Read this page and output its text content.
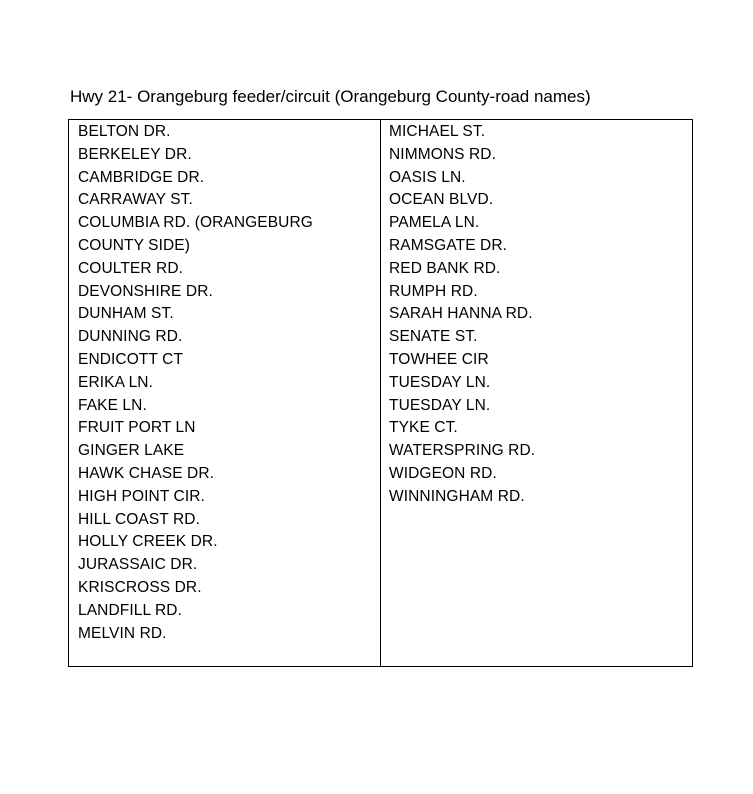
Hwy 21- Orangeburg feeder/circuit (Orangeburg County-road names)
BELTON DR.
BERKELEY DR.
CAMBRIDGE DR.
CARRAWAY ST.
COLUMBIA RD. (ORANGEBURG
COUNTY SIDE)
COULTER RD.
DEVONSHIRE DR.
DUNHAM ST.
DUNNING RD.
ENDICOTT CT
ERIKA LN.
FAKE LN.
FRUIT PORT LN
GINGER LAKE
HAWK CHASE DR.
HIGH POINT CIR.
HILL COAST RD.
HOLLY CREEK DR.
JURASSAIC DR.
KRISCROSS DR.
LANDFILL RD.
MELVIN RD.
MICHAEL ST.
NIMMONS RD.
OASIS LN.
OCEAN BLVD.
PAMELA LN.
RAMSGATE DR.
RED BANK RD.
RUMPH RD.
SARAH HANNA RD.
SENATE ST.
TOWHEE CIR
TUESDAY LN.
TUESDAY LN.
TYKE CT.
WATERSPRING RD.
WIDGEON RD.
WINNINGHAM RD.
